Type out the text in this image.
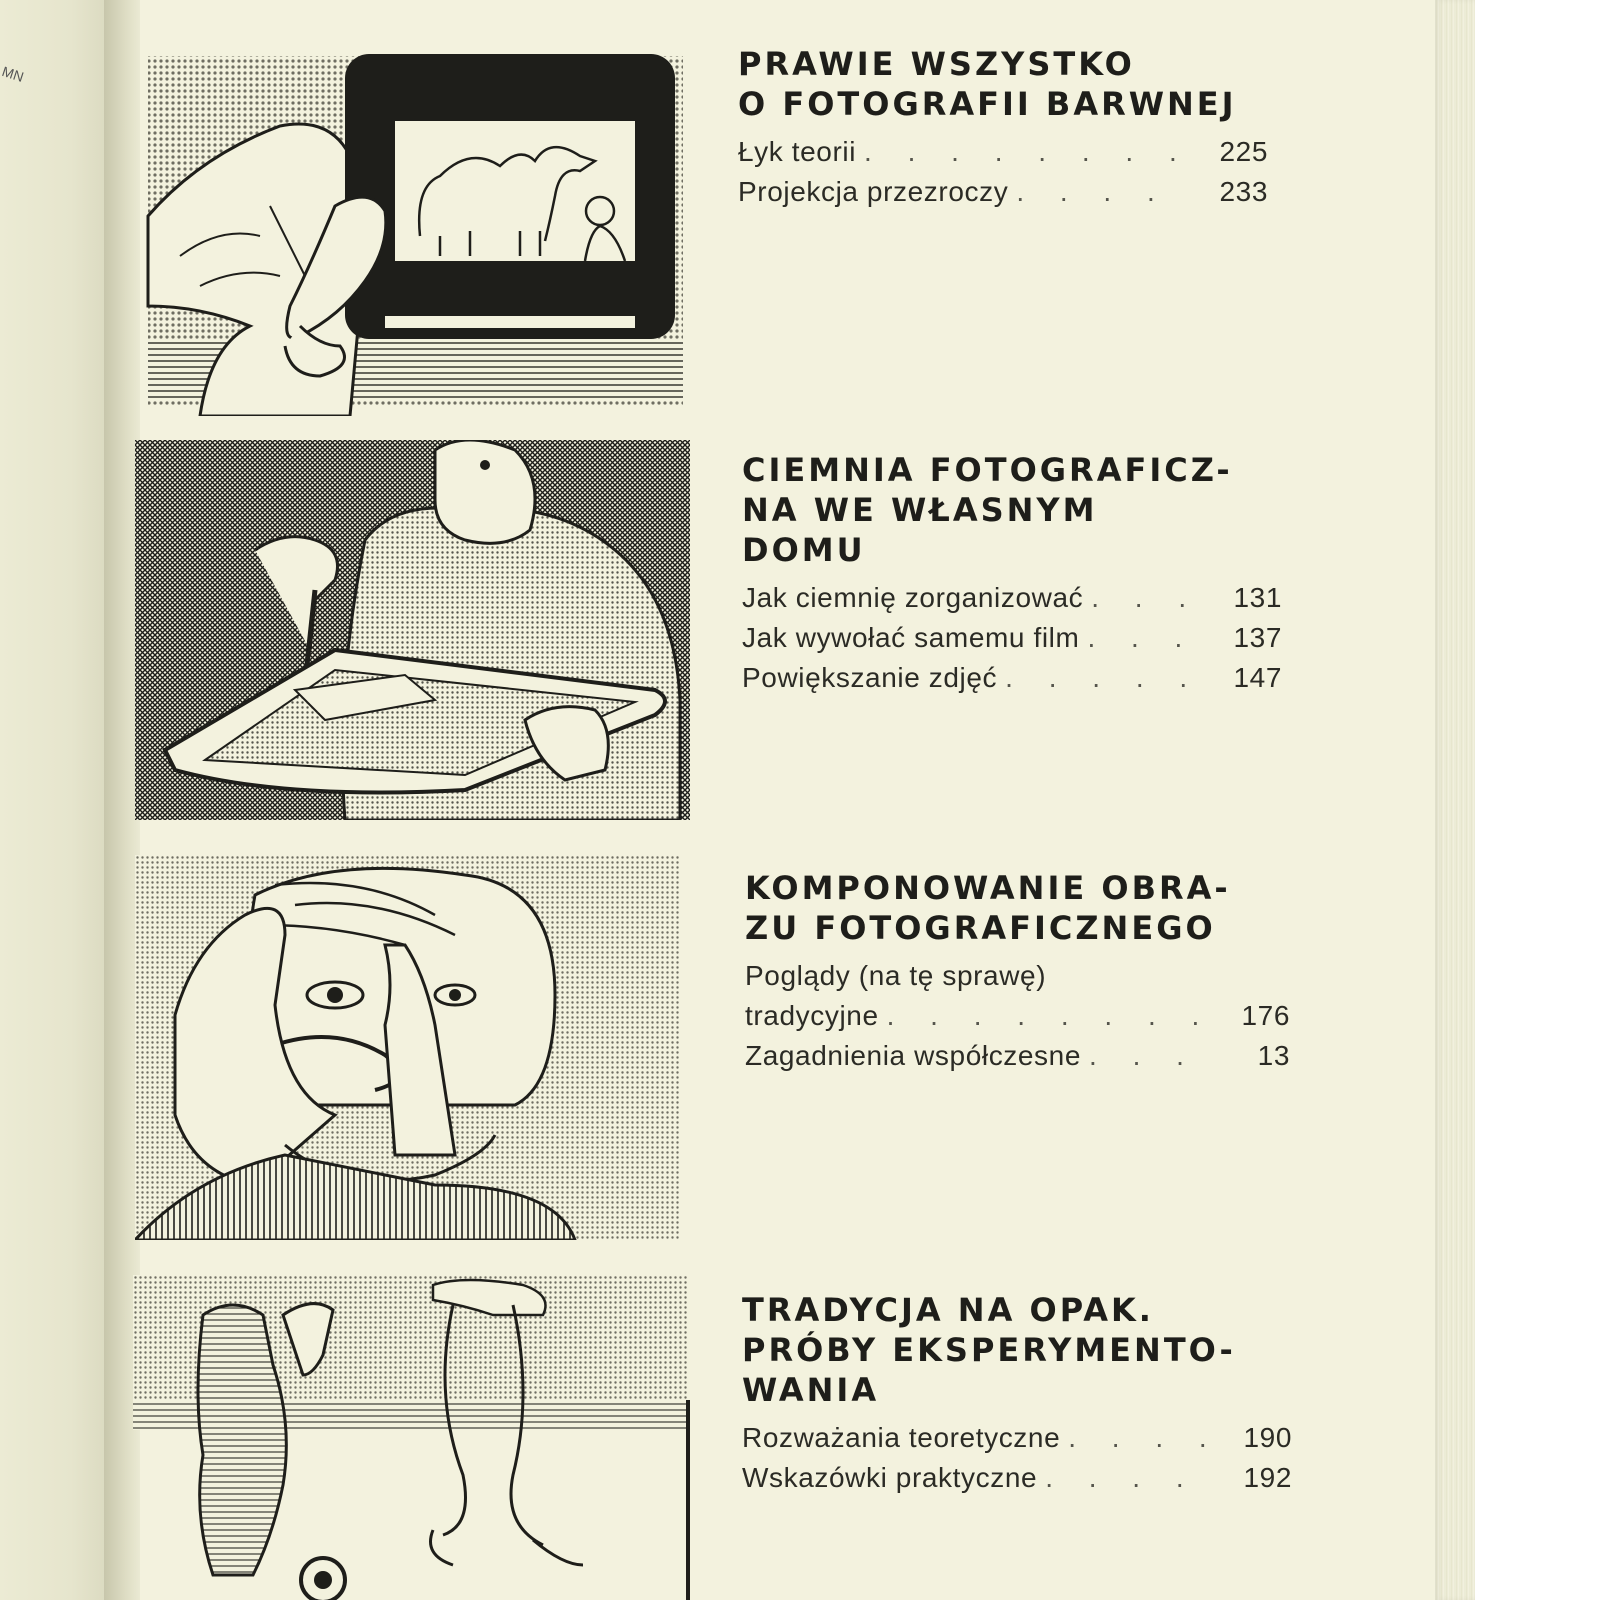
MN	PRAWIE WSZYSTKO
O FOTOGRAFII BARWNEJ
Łyk teorii . . .	225
Projekcja przezroczy . . .	233
CIEMNIA FOTOGRAFICZ-
NA WE WŁASNYM
DOMU
Jak ciemnię zorganizować . . .	131
Jak wywołać samemu film . . .	137
Powiększanie zdjęć . . .	147
KOMPONOWANIE OBRA-
ZU FOTOGRAFICZNEGO
Poglądy (na tę sprawę)
tradycyjne . . .	176
Zagadnienia współczesne . . .	13
TRADYCJA NA OPAK.
PRÓBY EKSPERYMENTO-
WANIA
Rozważania teoretyczne . . .	190
Wskazówki praktyczne . . .	192
